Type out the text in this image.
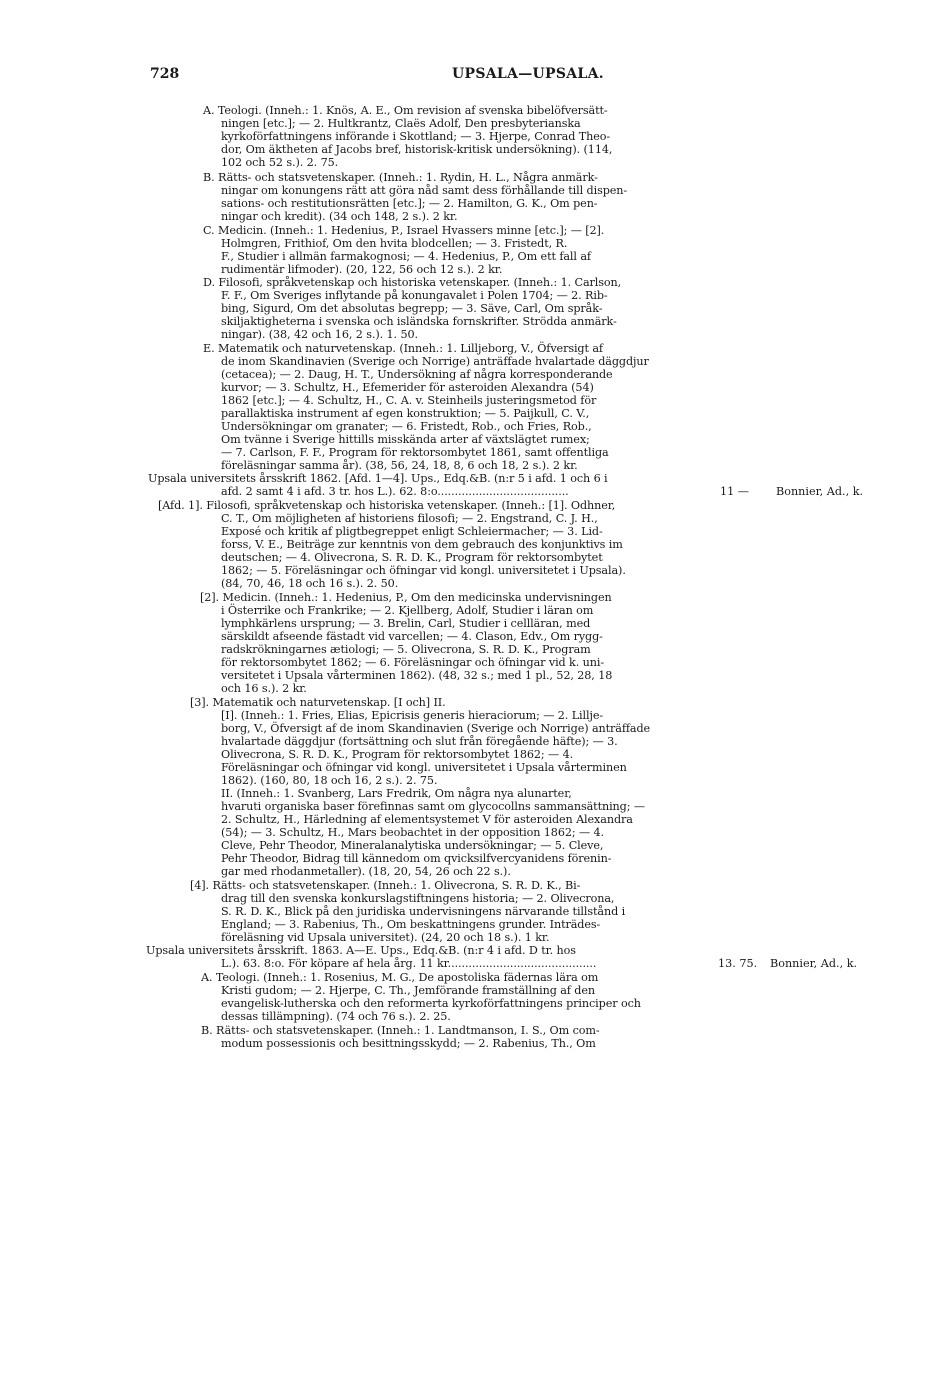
728	UPSALA—UPSALA.
A. Teologi. (Inneh.: 1. Knös, A. E., Om revision af svenska bibelöfversätt-
ningen [etc.]; — 2. Hultkrantz, Claës Adolf, Den presbyterianska
kyrkoförfattningens införande i Skottland; — 3. Hjerpe, Conrad Theo-
dor, Om äktheten af Jacobs bref, historisk-kritisk undersökning). (114,
102 och 52 s.). 2. 75.
B. Rätts- och statsvetenskaper. (Inneh.: 1. Rydin, H. L., Några anmärk-
ningar om konungens rätt att göra nåd samt dess förhållande till dispen-
sations- och restitutionsrätten [etc.]; — 2. Hamilton, G. K., Om pen-
ningar och kredit). (34 och 148, 2 s.). 2 kr.
C. Medicin. (Inneh.: 1. Hedenius, P., Israel Hvassers minne [etc.]; — [2].
Holmgren, Frithiof, Om den hvita blodcellen; — 3. Fristedt, R.
F., Studier i allmän farmakognosi; — 4. Hedenius, P., Om ett fall af
rudimentär lifmoder). (20, 122, 56 och 12 s.). 2 kr.
D. Filosofi, språkvetenskap och historiska vetenskaper. (Inneh.: 1. Carlson,
F. F., Om Sveriges inflytande på konungavalet i Polen 1704; — 2. Rib-
bing, Sigurd, Om det absolutas begrepp; — 3. Säve, Carl, Om språk-
skiljaktigheterna i svenska och isländska fornskrifter. Strödda anmärk-
ningar). (38, 42 och 16, 2 s.). 1. 50.
E. Matematik och naturvetenskap. (Inneh.: 1. Lilljeborg, V., Öfversigt af
de inom Skandinavien (Sverige och Norrige) anträffade hvalartade däggdjur
(cetacea); — 2. Daug, H. T., Undersökning af några korresponderande
kurvor; — 3. Schultz, H., Efemerider för asteroiden Alexandra (54)
1862 [etc.]; — 4. Schultz, H., C. A. v. Steinheils justeringsmetod för
parallaktiska instrument af egen konstruktion; — 5. Paijkull, C. V.,
Undersökningar om granater; — 6. Fristedt, Rob., och Fries, Rob.,
Om tvänne i Sverige hittills misskända arter af växtslägtet rumex;
— 7. Carlson, F. F., Program för rektorsombytet 1861, samt offentliga
föreläsningar samma år). (38, 56, 24, 18, 8, 6 och 18, 2 s.). 2 kr.
Upsala universitets årsskrift 1862. [Afd. 1—4]. Ups., Edq.&B. (n:r 5 i afd. 1 och 6 i
afd. 2 samt 4 i afd. 3 tr. hos L.). 62. 8:o......................................	11 — Bonnier, Ad., k.
[Afd. 1]. Filosofi, språkvetenskap och historiska vetenskaper. (Inneh.: [1]. Odhner,
C. T., Om möjligheten af historiens filosofi; — 2. Engstrand, C. J. H.,
Exposé och kritik af pligtbegreppet enligt Schleiermacher; — 3. Lid-
forss, V. E., Beiträge zur kenntnis von dem gebrauch des konjunktivs im
deutschen; — 4. Olivecrona, S. R. D. K., Program för rektorsombytet
1862; — 5. Föreläsningar och öfningar vid kongl. universitetet i Upsala).
(84, 70, 46, 18 och 16 s.). 2. 50.
[2]. Medicin. (Inneh.: 1. Hedenius, P., Om den medicinska undervisningen
i Österrike och Frankrike; — 2. Kjellberg, Adolf, Studier i läran om
lymphkärlens ursprung; — 3. Brelin, Carl, Studier i cellläran, med
särskildt afseende fästadt vid varcellen; — 4. Clason, Edv., Om rygg-
radskrökningarnes ætiologi; — 5. Olivecrona, S. R. D. K., Program
för rektorsombytet 1862; — 6. Föreläsningar och öfningar vid k. uni-
versitetet i Upsala vårterminen 1862). (48, 32 s.; med 1 pl., 52, 28, 18
och 16 s.). 2 kr.
[3]. Matematik och naturvetenskap. [I och] II.
[I]. (Inneh.: 1. Fries, Elias, Epicrisis generis hieraciorum; — 2. Lillje-
borg, V., Öfversigt af de inom Skandinavien (Sverige och Norrige) anträffade
hvalartade däggdjur (fortsättning och slut från föregående häfte); — 3.
Olivecrona, S. R. D. K., Program för rektorsombytet 1862; — 4.
Föreläsningar och öfningar vid kongl. universitetet i Upsala vårterminen
1862). (160, 80, 18 och 16, 2 s.). 2. 75.
II. (Inneh.: 1. Svanberg, Lars Fredrik, Om några nya alunarter,
hvaruti organiska baser förefinnas samt om glycocollns sammansättning; —
2. Schultz, H., Härledning af elementsystemet V för asteroiden Alexandra
(54); — 3. Schultz, H., Mars beobachtet in der opposition 1862; — 4.
Cleve, Pehr Theodor, Mineralanalytiska undersökningar; — 5. Cleve,
Pehr Theodor, Bidrag till kännedom om qvicksilfvercyanidens förenin-
gar med rhodanmetaller). (18, 20, 54, 26 och 22 s.).
[4]. Rätts- och statsvetenskaper. (Inneh.: 1. Olivecrona, S. R. D. K., Bi-
drag till den svenska konkurslagstiftningens historia; — 2. Olivecrona,
S. R. D. K., Blick på den juridiska undervisningens närvarande tillstånd i
England; — 3. Rabenius, Th., Om beskattningens grunder. Inträdes-
föreläsning vid Upsala universitet). (24, 20 och 18 s.). 1 kr.
Upsala universitets årsskrift. 1863. A—E. Ups., Edq.&B. (n:r 4 i afd. D tr. hos
L.). 63. 8:o. För köpare af hela årg. 11 kr...........................................	13. 75. Bonnier, Ad., k.
A. Teologi. (Inneh.: 1. Rosenius, M. G., De apostoliska fädernas lära om
Kristi gudom; — 2. Hjerpe, C. Th., Jemförande framställning af den
evangelisk-lutherska och den reformerta kyrkoförfattningens principer och
dessas tillämpning). (74 och 76 s.). 2. 25.
B. Rätts- och statsvetenskaper. (Inneh.: 1. Landtmanson, I. S., Om com-
modum possessionis och besittningsskydd; — 2. Rabenius, Th., Om
